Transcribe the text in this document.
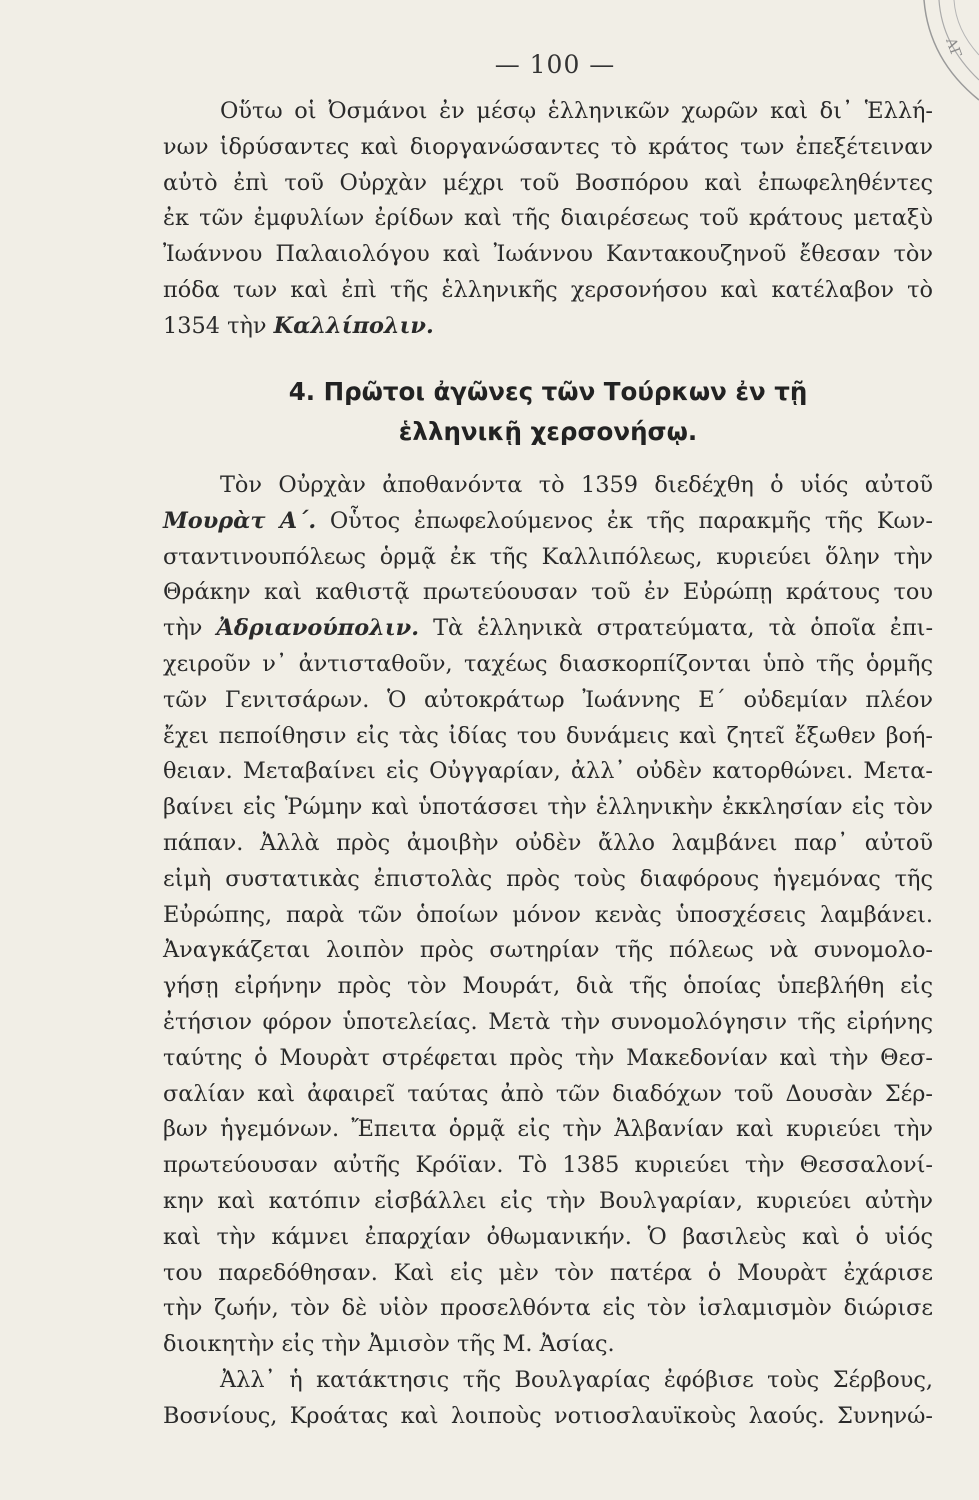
ΑΓ
— 100 —
Οὕτω οἱ Ὀσμάνοι ἐν μέσῳ ἑλληνικῶν χωρῶν καὶ δι᾿ Ἑλλή-
νων ἱδρύσαντες καὶ διοργανώσαντες τὸ κράτος των ἐπεξέτειναν
αὐτὸ ἐπὶ τοῦ Οὐρχὰν μέχρι τοῦ Βοσπόρου καὶ ἐπωφεληθέντες
ἐκ τῶν ἐμφυλίων ἐρίδων καὶ τῆς διαιρέσεως τοῦ κράτους μεταξὺ
Ἰωάννου Παλαιολόγου καὶ Ἰωάννου Καντακουζηνοῦ ἔθεσαν τὸν
πόδα των καὶ ἐπὶ τῆς ἑλληνικῆς χερσονήσου καὶ κατέλαβον τὸ
1354 τὴν Καλλίπολιν.
4. Πρῶτοι ἀγῶνες τῶν Τούρκων ἐν τῇ
ἑλληνικῇ χερσονήσῳ.
Τὸν Οὐρχὰν ἀποθανόντα τὸ 1359 διεδέχθη ὁ υἱός αὐτοῦ
Μουρὰτ Α΄. Οὗτος ἐπωφελούμενος ἐκ τῆς παρακμῆς τῆς Κων-
σταντινουπόλεως ὁρμᾷ ἐκ τῆς Καλλιπόλεως, κυριεύει ὅλην τὴν
Θράκην καὶ καθιστᾷ πρωτεύουσαν τοῦ ἐν Εὐρώπῃ κράτους του
τὴν Ἀδριανούπολιν. Τὰ ἑλληνικὰ στρατεύματα, τὰ ὁποῖα ἐπι-
χειροῦν ν᾿ ἀντισταθοῦν, ταχέως διασκορπίζονται ὑπὸ τῆς ὁρμῆς
τῶν Γενιτσάρων. Ὁ αὐτοκράτωρ Ἰωάννης Ε΄ οὐδεμίαν πλέον
ἔχει πεποίθησιν εἰς τὰς ἰδίας του δυνάμεις καὶ ζητεῖ ἔξωθεν βοή-
θειαν. Μεταβαίνει εἰς Οὐγγαρίαν, ἀλλ᾿ οὐδὲν κατορθώνει. Μετα-
βαίνει εἰς Ῥώμην καὶ ὑποτάσσει τὴν ἑλληνικὴν ἐκκλησίαν εἰς τὸν
πάπαν. Ἀλλὰ πρὸς ἀμοιβὴν οὐδὲν ἄλλο λαμβάνει παρ᾿ αὐτοῦ
εἰμὴ συστατικὰς ἐπιστολὰς πρὸς τοὺς διαφόρους ἡγεμόνας τῆς
Εὐρώπης, παρὰ τῶν ὁποίων μόνον κενὰς ὑποσχέσεις λαμβάνει.
Ἀναγκάζεται λοιπὸν πρὸς σωτηρίαν τῆς πόλεως νὰ συνομολο-
γήσῃ εἰρήνην πρὸς τὸν Μουράτ, διὰ τῆς ὁποίας ὑπεβλήθη εἰς
ἐτήσιον φόρον ὑποτελείας. Μετὰ τὴν συνομολόγησιν τῆς εἰρήνης
ταύτης ὁ Μουρὰτ στρέφεται πρὸς τὴν Μακεδονίαν καὶ τὴν Θεσ-
σαλίαν καὶ ἀφαιρεῖ ταύτας ἀπὸ τῶν διαδόχων τοῦ Δουσὰν Σέρ-
βων ἡγεμόνων. Ἔπειτα ὁρμᾷ εἰς τὴν Ἀλβανίαν καὶ κυριεύει τὴν
πρωτεύουσαν αὐτῆς Κρόϊαν. Τὸ 1385 κυριεύει τὴν Θεσσαλονί-
κην καὶ κατόπιν εἰσβάλλει εἰς τὴν Βουλγαρίαν, κυριεύει αὐτὴν
καὶ τὴν κάμνει ἐπαρχίαν ὀθωμανικήν. Ὁ βασιλεὺς καὶ ὁ υἱός
του παρεδόθησαν. Καὶ εἰς μὲν τὸν πατέρα ὁ Μουρὰτ ἐχάρισε
τὴν ζωήν, τὸν δὲ υἱὸν προσελθόντα εἰς τὸν ἰσλαμισμὸν διώρισε
διοικητὴν εἰς τὴν Ἀμισὸν τῆς Μ. Ἀσίας.
Ἀλλ᾿ ἡ κατάκτησις τῆς Βουλγαρίας ἐφόβισε τοὺς Σέρβους,
Βοσνίους, Κροάτας καὶ λοιποὺς νοτιοσλαυϊκοὺς λαούς. Συνηνώ-
